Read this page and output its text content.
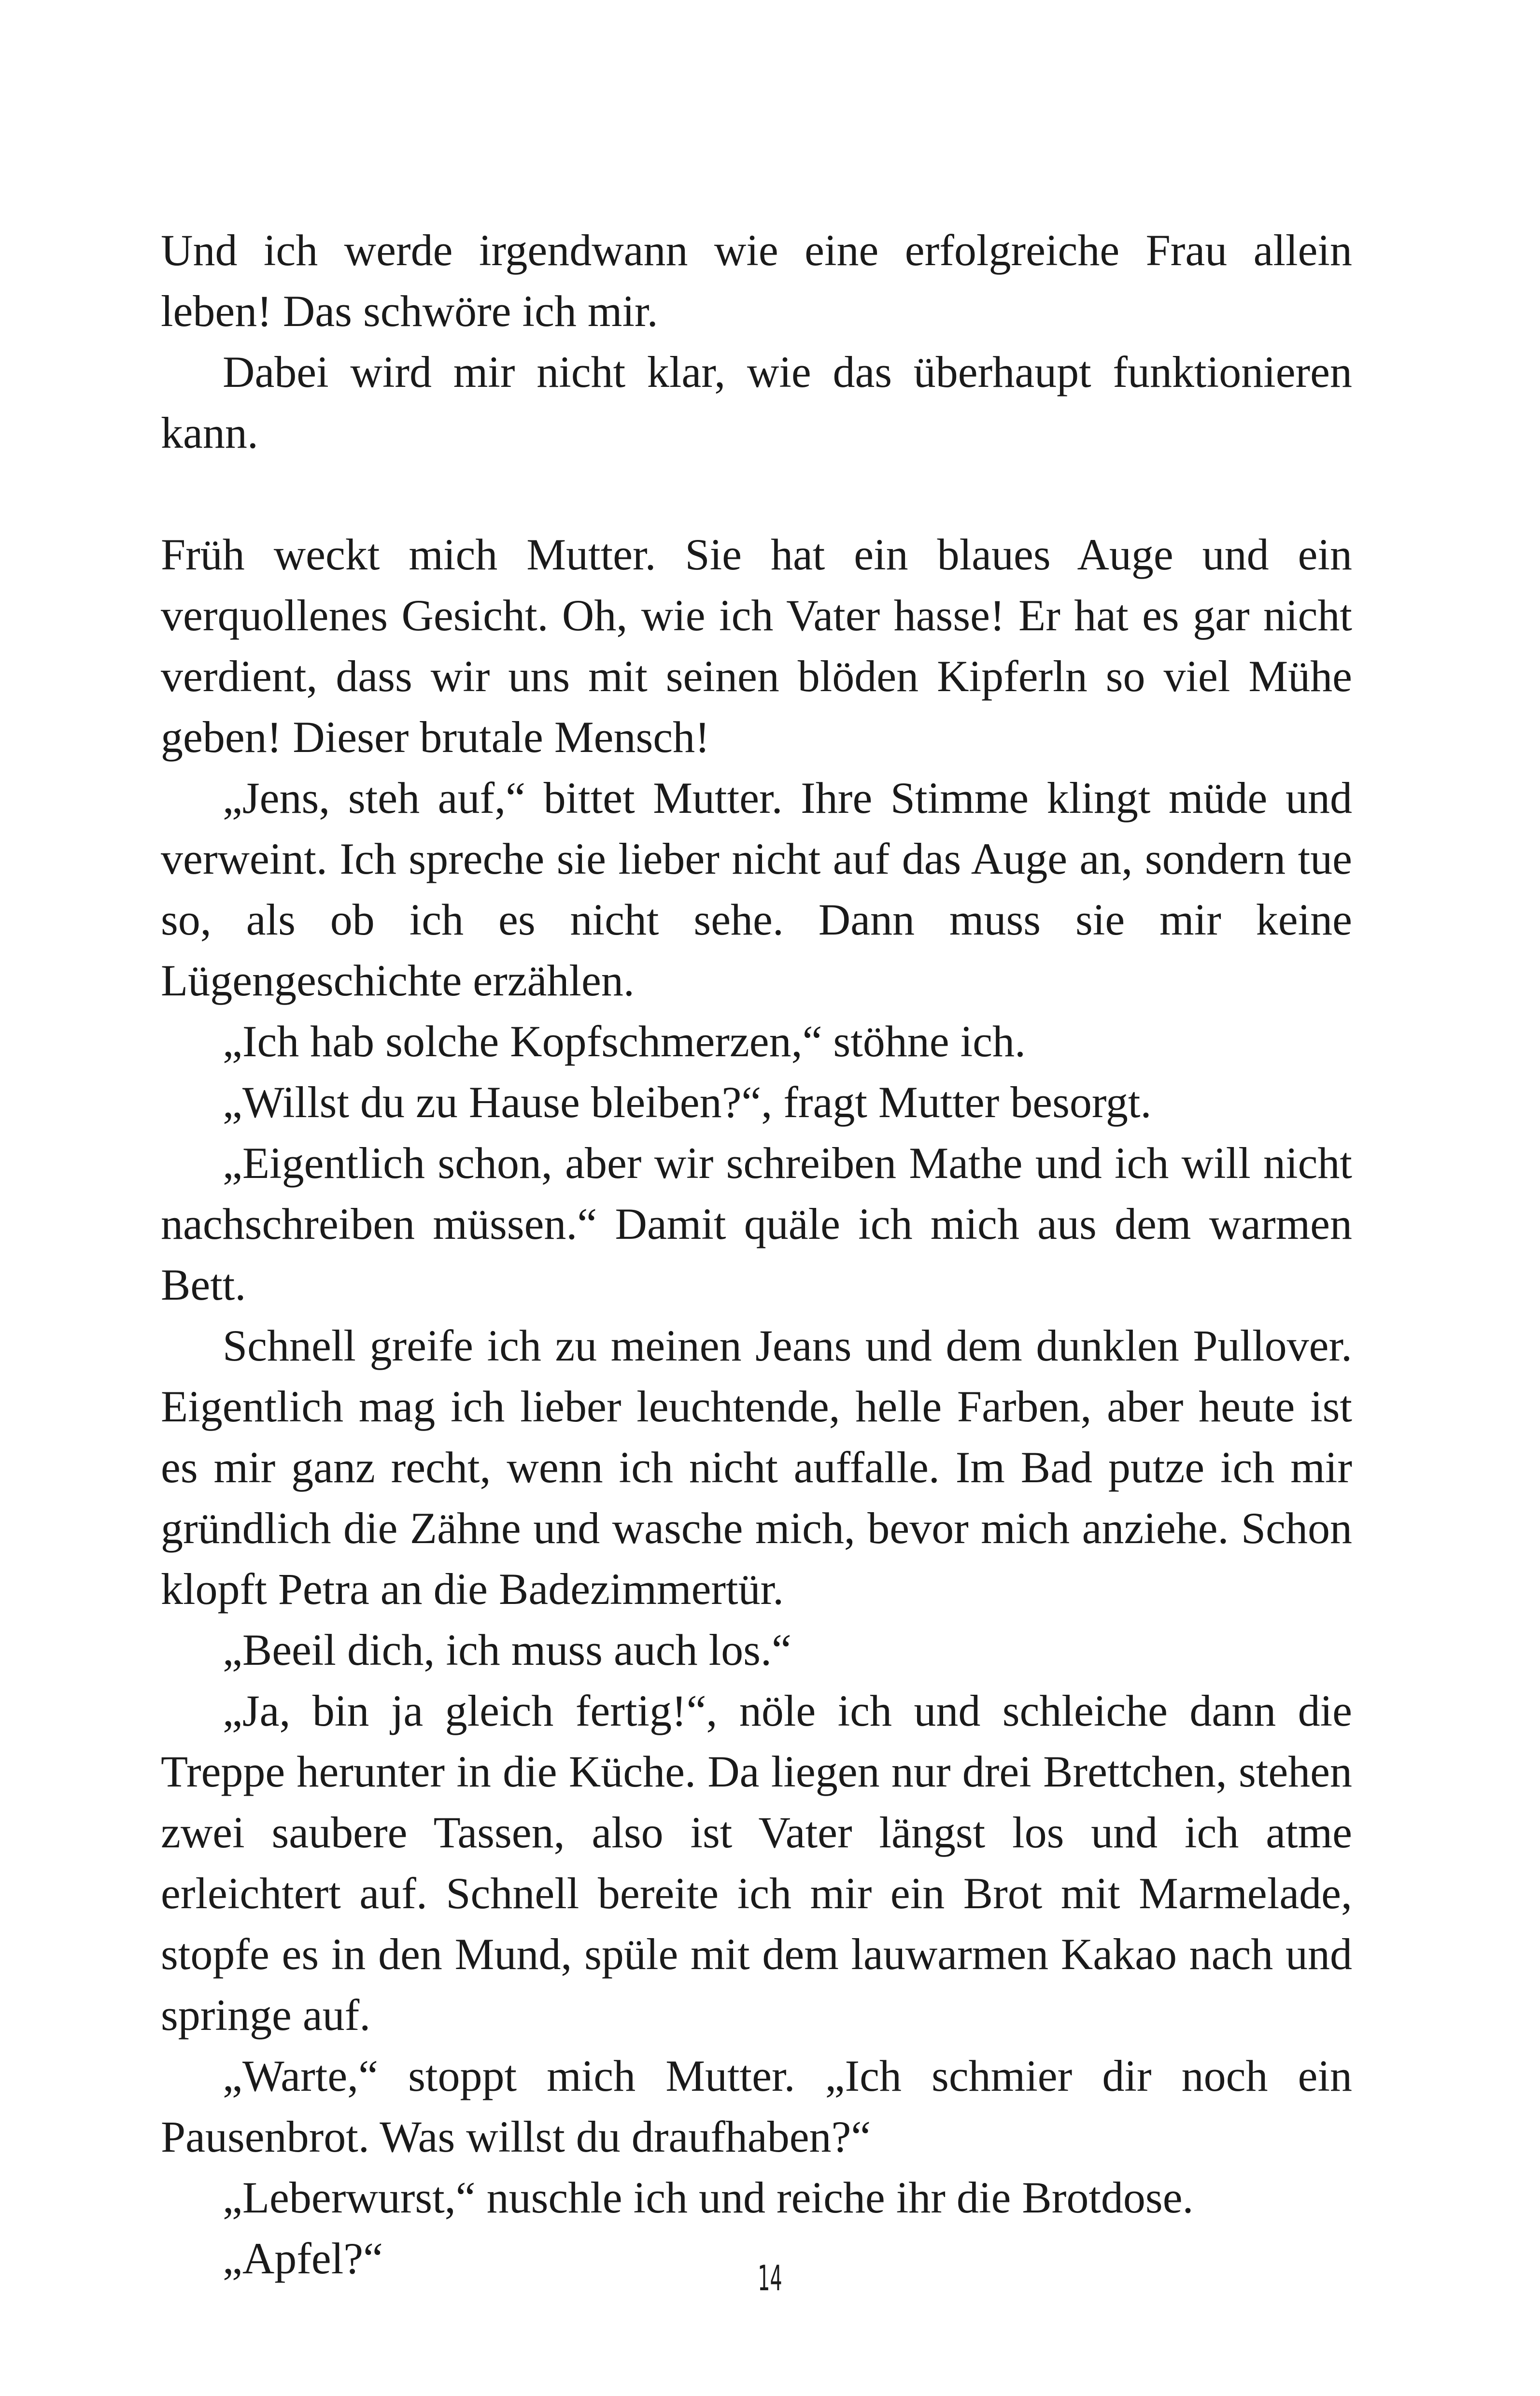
Und ich werde irgendwann wie eine erfolgreiche Frau allein leben! Das schwöre ich mir.

Dabei wird mir nicht klar, wie das überhaupt funktionieren kann.

Früh weckt mich Mutter. Sie hat ein blaues Auge und ein verquollenes Gesicht. Oh, wie ich Vater hasse! Er hat es gar nicht verdient, dass wir uns mit seinen blöden Kipferln so viel Mühe geben! Dieser brutale Mensch!

„Jens, steh auf,“ bittet Mutter. Ihre Stimme klingt müde und verweint. Ich spreche sie lieber nicht auf das Auge an, sondern tue so, als ob ich es nicht sehe. Dann muss sie mir keine Lügengeschichte erzählen.

„Ich hab solche Kopfschmerzen,“ stöhne ich.

„Willst du zu Hause bleiben?“, fragt Mutter besorgt.

„Eigentlich schon, aber wir schreiben Mathe und ich will nicht nachschreiben müssen.“ Damit quäle ich mich aus dem warmen Bett.

Schnell greife ich zu meinen Jeans und dem dunklen Pullover. Eigentlich mag ich lieber leuchtende, helle Farben, aber heute ist es mir ganz recht, wenn ich nicht auffalle. Im Bad putze ich mir gründlich die Zähne und wasche mich, bevor mich anziehe. Schon klopft Petra an die Badezimmertür.

„Beeil dich, ich muss auch los.“

„Ja, bin ja gleich fertig!“, nöle ich und schleiche dann die Treppe herunter in die Küche. Da liegen nur drei Brettchen, stehen zwei saubere Tassen, also ist Vater längst los und ich atme erleichtert auf. Schnell bereite ich mir ein Brot mit Marmelade, stopfe es in den Mund, spüle mit dem lauwarmen Kakao nach und springe auf.

„Warte,“ stoppt mich Mutter. „Ich schmier dir noch ein Pausenbrot. Was willst du draufhaben?“

„Leberwurst,“ nuschle ich und reiche ihr die Brotdose.

„Apfel?“	14
